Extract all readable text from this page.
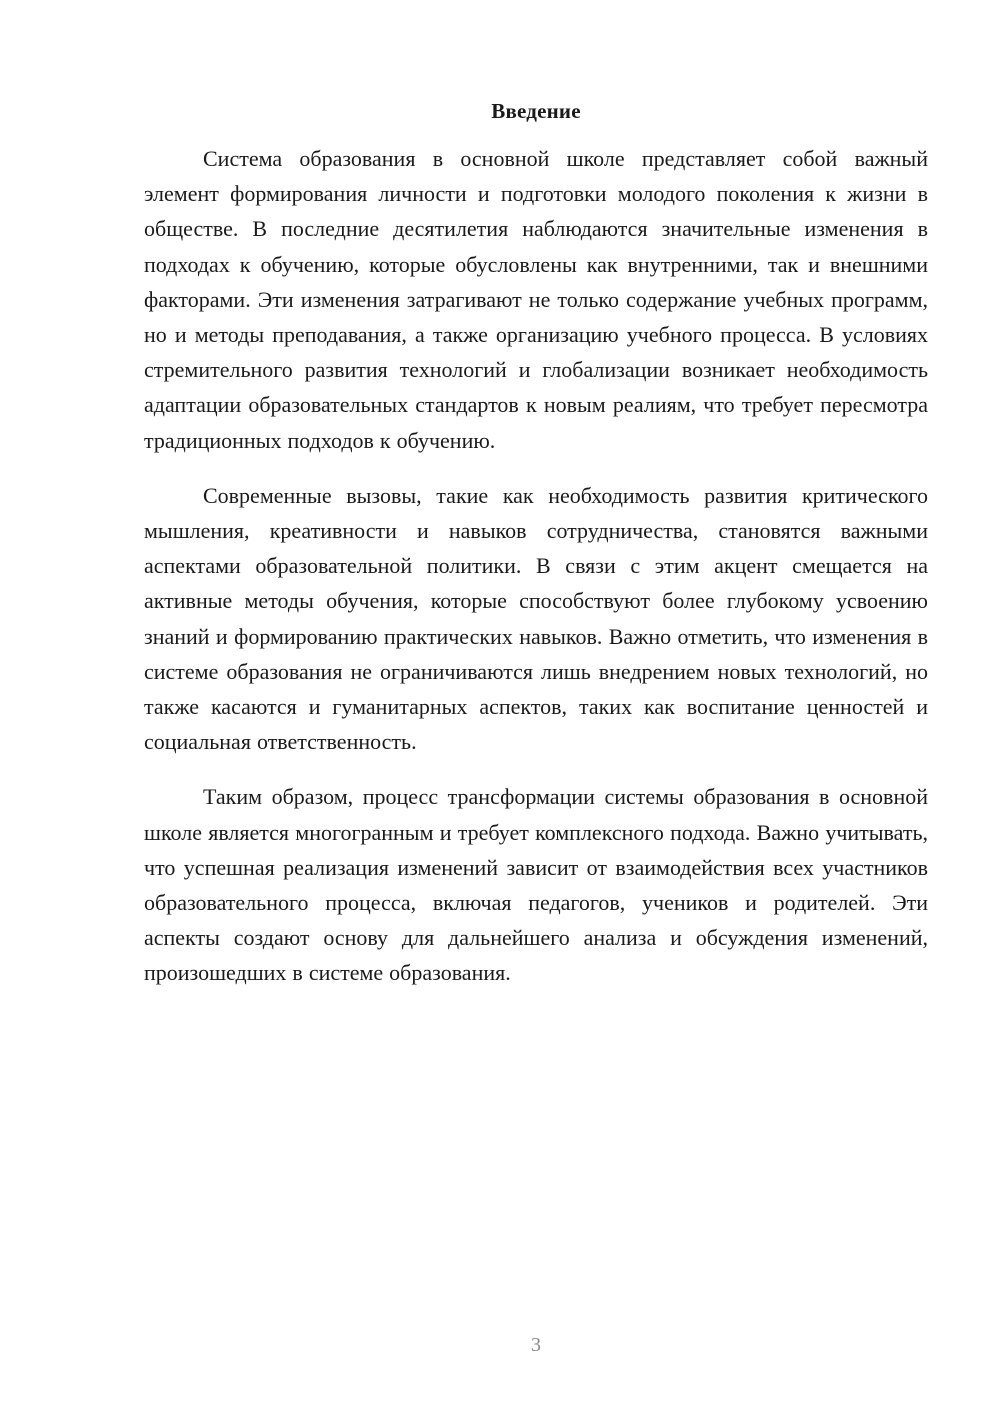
Введение

Система образования в основной школе представляет собой важный элемент формирования личности и подготовки молодого поколения к жизни в обществе. В последние десятилетия наблюдаются значительные изменения в подходах к обучению, которые обусловлены как внутренними, так и внешними факторами. Эти изменения затрагивают не только содержание учебных программ, но и методы преподавания, а также организацию учебного процесса. В условиях стремительного развития технологий и глобализации возникает необходимость адаптации образовательных стандартов к новым реалиям, что требует пересмотра традиционных подходов к обучению.

Современные вызовы, такие как необходимость развития критического мышления, креативности и навыков сотрудничества, становятся важными аспектами образовательной политики. В связи с этим акцент смещается на активные методы обучения, которые способствуют более глубокому усвоению знаний и формированию практических навыков. Важно отметить, что изменения в системе образования не ограничиваются лишь внедрением новых технологий, но также касаются и гуманитарных аспектов, таких как воспитание ценностей и социальная ответственность.

Таким образом, процесс трансформации системы образования в основной школе является многогранным и требует комплексного подхода. Важно учитывать, что успешная реализация изменений зависит от взаимодействия всех участников образовательного процесса, включая педагогов, учеников и родителей. Эти аспекты создают основу для дальнейшего анализа и обсуждения изменений, произошедших в системе образования.

3
